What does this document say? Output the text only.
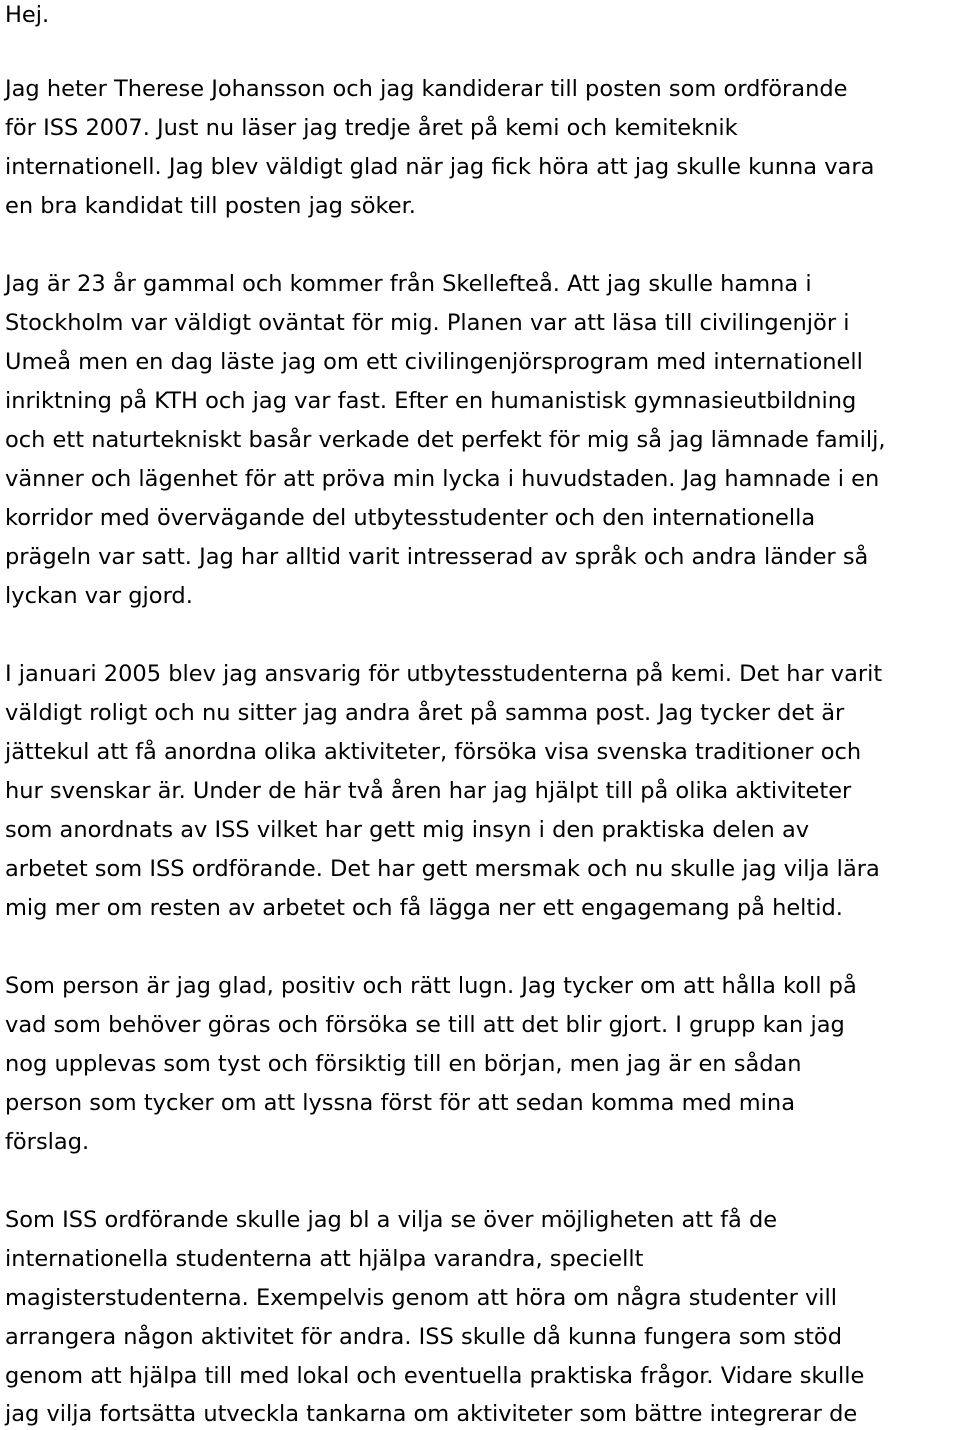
Hej.
Jag heter Therese Johansson och jag kandiderar till posten som ordförande
för ISS 2007. Just nu läser jag tredje året på kemi och kemiteknik
internationell. Jag blev väldigt glad när jag fick höra att jag skulle kunna vara
en bra kandidat till posten jag söker.
Jag är 23 år gammal och kommer från Skellefteå. Att jag skulle hamna i
Stockholm var väldigt oväntat för mig. Planen var att läsa till civilingenjör i
Umeå men en dag läste jag om ett civilingenjörsprogram med internationell
inriktning på KTH och jag var fast. Efter en humanistisk gymnasieutbildning
och ett naturtekniskt basår verkade det perfekt för mig så jag lämnade familj,
vänner och lägenhet för att pröva min lycka i huvudstaden. Jag hamnade i en
korridor med övervägande del utbytesstudenter och den internationella
prägeln var satt. Jag har alltid varit intresserad av språk och andra länder så
lyckan var gjord.
I januari 2005 blev jag ansvarig för utbytesstudenterna på kemi. Det har varit
väldigt roligt och nu sitter jag andra året på samma post. Jag tycker det är
jättekul att få anordna olika aktiviteter, försöka visa svenska traditioner och
hur svenskar är. Under de här två åren har jag hjälpt till på olika aktiviteter
som anordnats av ISS vilket har gett mig insyn i den praktiska delen av
arbetet som ISS ordförande. Det har gett mersmak och nu skulle jag vilja lära
mig mer om resten av arbetet och få lägga ner ett engagemang på heltid.
Som person är jag glad, positiv och rätt lugn. Jag tycker om att hålla koll på
vad som behöver göras och försöka se till att det blir gjort. I grupp kan jag
nog upplevas som tyst och försiktig till en början, men jag är en sådan
person som tycker om att lyssna först för att sedan komma med mina
förslag.
Som ISS ordförande skulle jag bl a vilja se över möjligheten att få de
internationella studenterna att hjälpa varandra, speciellt
magisterstudenterna. Exempelvis genom att höra om några studenter vill
arrangera någon aktivitet för andra. ISS skulle då kunna fungera som stöd
genom att hjälpa till med lokal och eventuella praktiska frågor. Vidare skulle
jag vilja fortsätta utveckla tankarna om aktiviteter som bättre integrerar de
